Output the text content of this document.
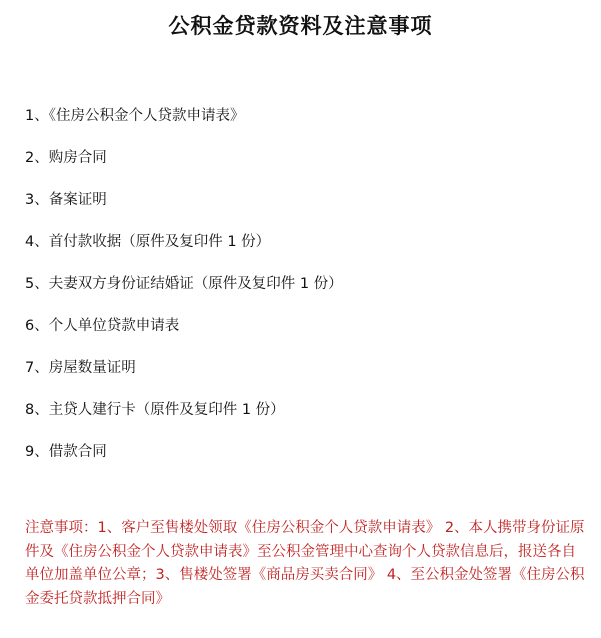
公积金贷款资料及注意事项
1、《住房公积金个人贷款申请表》
2、购房合同
3、备案证明
4、首付款收据（原件及复印件 1 份）
5、夫妻双方身份证结婚证（原件及复印件 1 份）
6、个人单位贷款申请表
7、房屋数量证明
8、主贷人建行卡（原件及复印件 1 份）
9、借款合同
注意事项：1、客户至售楼处领取《住房公积金个人贷款申请表》 2、本人携带身份证原件及《住房公积金个人贷款申请表》至公积金管理中心查询个人贷款信息后，报送各自单位加盖单位公章；3、售楼处签署《商品房买卖合同》 4、至公积金处签署《住房公积金委托贷款抵押合同》
